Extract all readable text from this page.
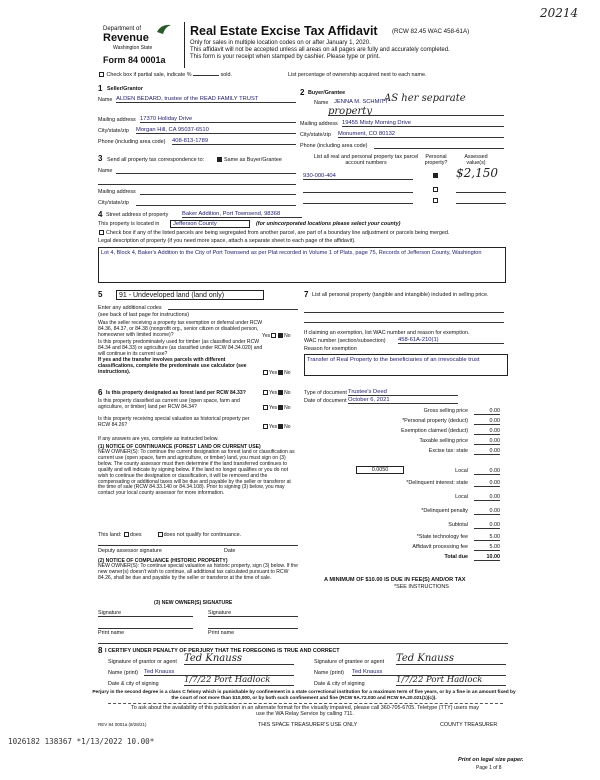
20214
Department of
Revenue
Washington State
Form 84 0001a
Real Estate Excise Tax Affidavit (RCW 82.45 WAC 458-61A)
Only for sales in multiple location codes on or after January 1, 2020.
This affidavit will not be accepted unless all areas on all pages are fully and accurately completed.
This form is your receipt when stamped by cashier. Please type or print.
Check box if partial sale, indicate %	sold.	List percentage of ownership acquired next to each name.
1 Seller/Grantor
Name ALDEN BEDARD, trustee of the READ FAMILY TRUST
Mailing address 17370 Holiday Drive
City/state/zip Morgan Hill, CA 95037-6510
Phone (including area code) 408-813-1789
2 Buyer/Grantee
Name JENNA M. SCHMITT
AS her separate
property
Mailing address 19455 Misty Morning Drive
City/state/zip Monument, CO 80132
Phone (including area code)
3 Send all property tax correspondence to:	Same as Buyer/Grantee
Name
Mailing address
City/state/zip
List all real and personal property tax parcel account numbers
Personal property?
Assessed value(s)
930-000-404	$2,150
4 Street address of property Baker Addition, Port Townsend, 98368
This property is located in	Jefferson County	(for unincorporated locations please select your county)
Check box if any of the listed parcels are being segregated from another parcel, are part of a boundary line adjustment or parcels being merged.
Legal description of property (if you need more space, attach a separate sheet to each page of the affidavit).
Lot 4, Block 4, Baker's Addition to the City of Port Townsend as per Plat recorded in Volume 1 of Plats, page 75, Records of Jefferson County, Washington
5	91 - Undeveloped land (land only)
Enter any additional codes
(see back of last page for instructions)
Was the seller receiving a property tax exemption or deferral under RCW 84.36, 84.37, or 84.38 (nonprofit org., senior citizen or disabled person, homeowner with limited income)?	Yes	No
Is this property predominately used for timber (as classified under RCW 84.34 and 84.33) or agriculture (as classified under RCW 84.34.020) and will continue in its current use?
If yes and the transfer involves parcels with different classifications, complete the predominate use calculator (see instructions).	Yes No
6 Is this property designated as forest land per RCW 84.33?	Yes No
Is this property classified as current use (open space, farm and agriculture, or timber) land per RCW 84.34?	Yes No
Is this property receiving special valuation as historical property per RCW 84.26?	Yes No
If any answers are yes, complete as instructed below.
(1) NOTICE OF CONTINUANCE (FOREST LAND OR CURRENT USE)
NEW OWNER(S): To continue the current designation as forest land or classification as current use (open space, farm and agriculture, or timber) land, you must sign on (3) below. The county assessor must then determine if the land transferred continues to qualify and will indicate by signing below. If the land no longer qualifies or you do not wish to continue the designation or classification, it will be removed and the compensating or additional taxes will be due and payable by the seller or transferor at the time of sale (RCW 84.33.140 or 84.34.108). Prior to signing (3) below, you may contact your local county assessor for more information.
This land: does	does not qualify for continuance.
Deputy assessor signature	Date
(2) NOTICE OF COMPLIANCE (HISTORIC PROPERTY)
NEW OWNER(S): To continue special valuation as historic property, sign (3) below. If the new owner(s) doesn't wish to continue, all additional tax calculated pursuant to RCW 84.26, shall be due and payable by the seller or transferor at the time of sale.
(3) NEW OWNER(S) SIGNATURE
Signature	Signature
Print name	Print name
7 List all personal property (tangible and intangible) included in selling price.
If claiming an exemption, list WAC number and reason for exemption.
WAC number (section/subsection) 458-61A-210(1)
Reason for exemption
Transfer of Real Property to the beneficiaries of an irrevocable trust
Type of document Trustee's Deed
Date of document October 6, 2021
Gross selling price	0.00
*Personal property (deduct)	0.00
Exemption claimed (deduct)	0.00
Taxable selling price	0.00
Excise tax: state	0.00
0.0050	Local	0.00
*Delinquent interest: state	0.00
Local	0.00
*Delinquent penalty	0.00
Subtotal	0.00
*State technology fee	5.00
Affidavit processing fee	5.00
Total due	10.00
A MINIMUM OF $10.00 IS DUE IN FEE(S) AND/OR TAX
*SEE INSTRUCTIONS
8 I CERTIFY UNDER PENALTY OF PERJURY THAT THE FOREGOING IS TRUE AND CORRECT
Signature of grantor or agent Ted Knauss	Signature of grantee or agent Ted Knauss
Name (print) Ted Knauss	Name (print) Ted Knauss
Date & city of signing	1/7/22 Port Hadlock	Date & city of signing	1/7/22 Port Hadlock
Perjury in the second degree is a class C felony which is punishable by confinement in a state correctional institution for a maximum term of five years, or by a fine in an amount fixed by the court of not more than $10,000, or by both such confinement and fine (RCW 9A.72.030 and RCW 9A.20.021(1)(c)).
To ask about the availability of this publication in an alternate format for the visually impaired, please call 360-705-6705. Teletype (TTY) users may use the WA Relay Service by calling 711.
REV 84 0001a (8/28/21)	THIS SPACE TREASURER'S USE ONLY	COUNTY TREASURER
1026182 138367 *1/13/2022 10.00*
Print on legal size paper.
Page 1 of 8
